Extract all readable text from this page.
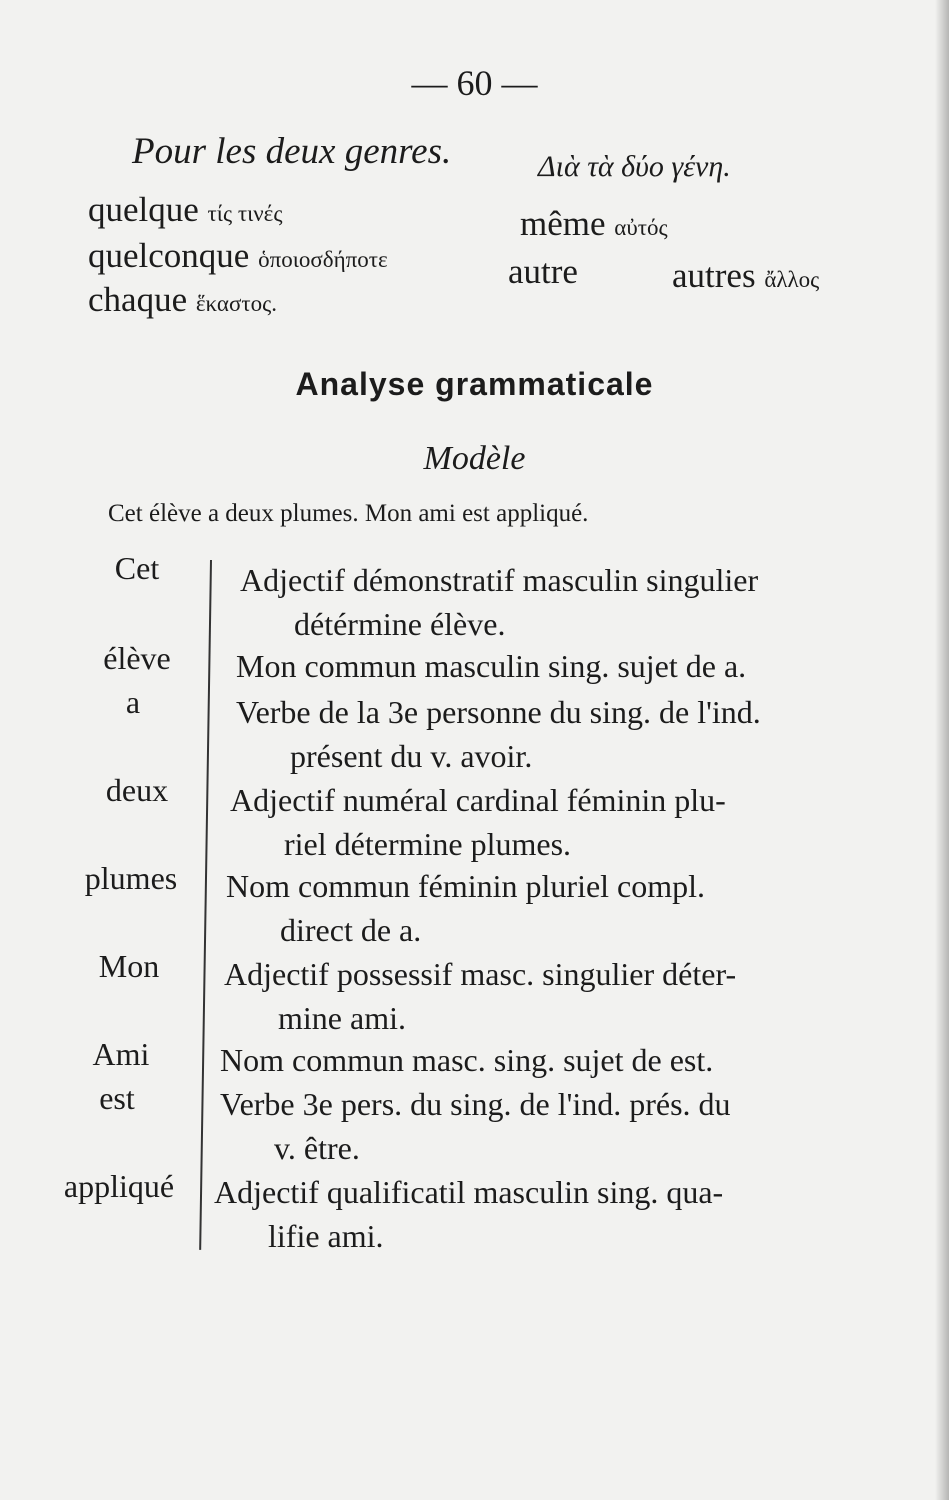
— 60 —
Pour les deux genres.	Διὰ τὰ δύο γένη.
quelque τίς τινές
quelconque ὁποιοσδήποτε
chaque ἕκαστος.
même αὐτός
autre	autres ἄλλος
Analyse grammaticale
Modèle
Cet élève a deux plumes. Mon ami est appliqué.
Cet
élève
a
deux
plumes
Mon
Ami
est
appliqué
Adjectif démonstratif masculin singulier
détérmine élève.
Mon commun masculin sing. sujet de a.
Verbe de la 3e personne du sing. de l'ind.
présent du v. avoir.
Adjectif numéral cardinal féminin plu-
riel détermine plumes.
Nom commun féminin pluriel compl.
direct de a.
Adjectif possessif masc. singulier déter-
mine ami.
Nom commun masc. sing. sujet de est.
Verbe 3e pers. du sing. de l'ind. prés. du
v. être.
Adjectif qualificatil masculin sing. qua-
lifie ami.
